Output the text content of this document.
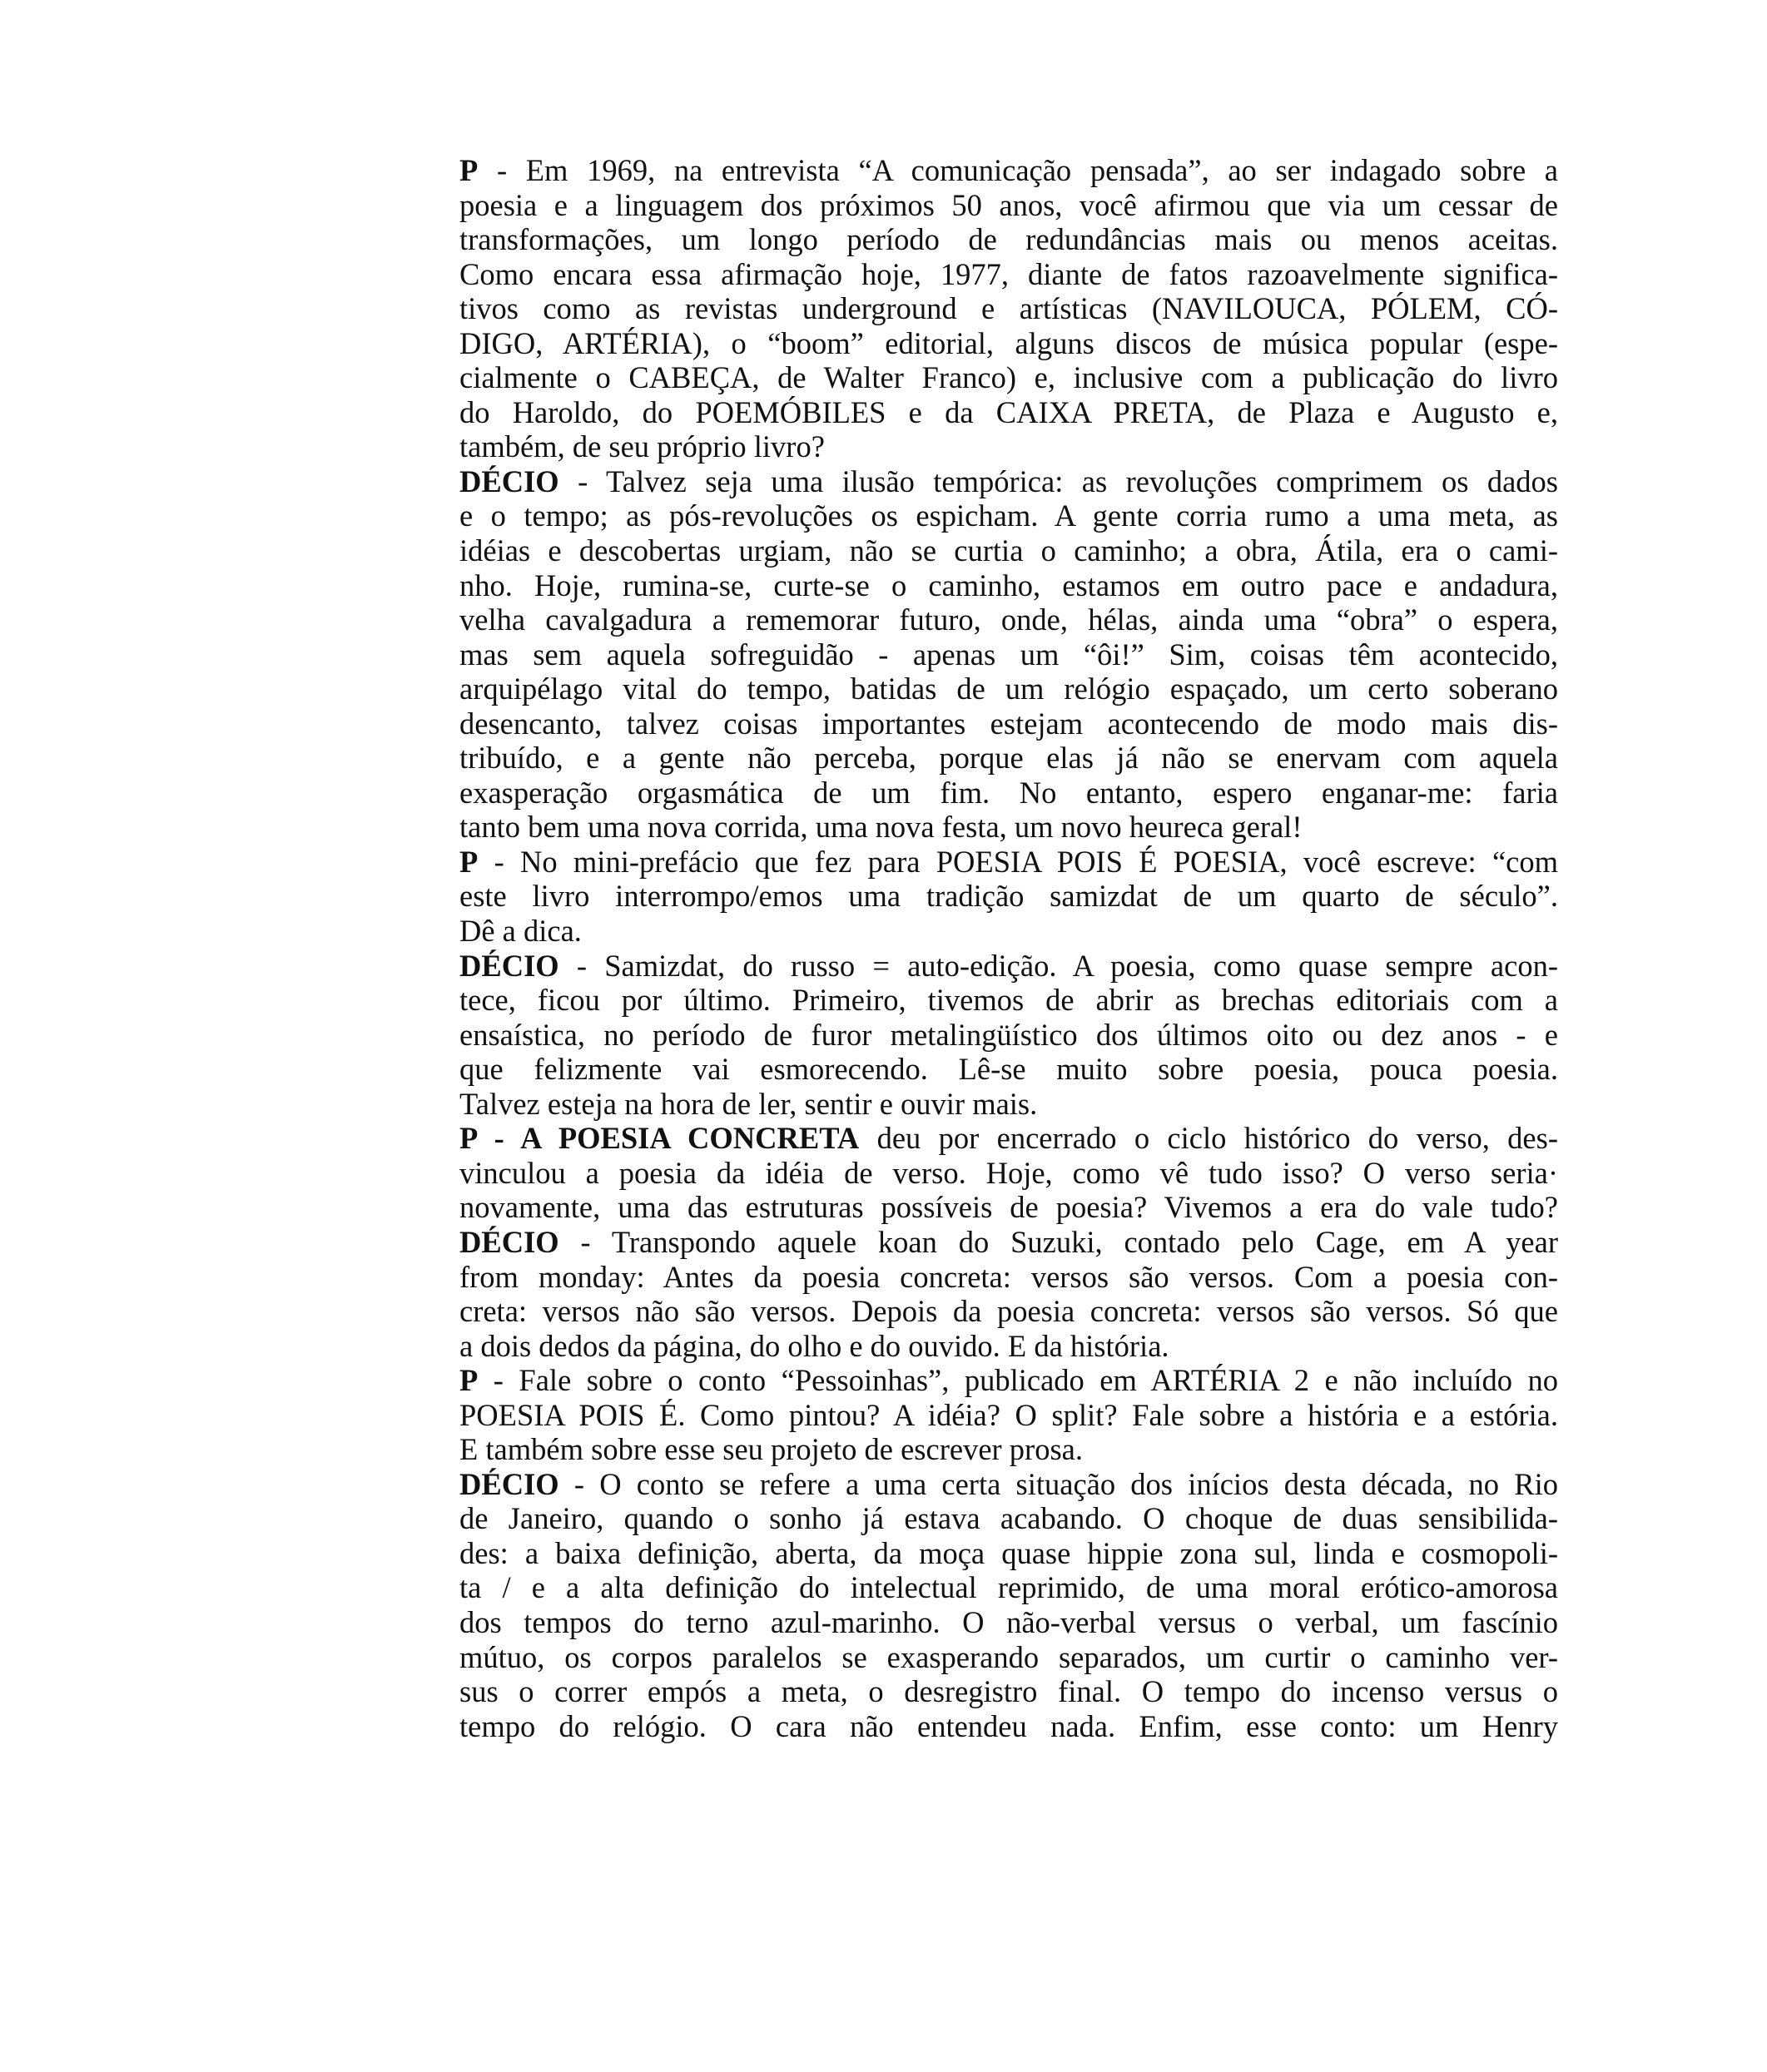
P - Em 1969, na entrevista “A comunicação pensada”, ao ser indagado sobre a
poesia e a linguagem dos próximos 50 anos, você afirmou que via um cessar de
transformações, um longo período de redundâncias mais ou menos aceitas.
Como encara essa afirmação hoje, 1977, diante de fatos razoavelmente significa-
tivos como as revistas underground e artísticas (NAVILOUCA, PÓLEM, CÓ-
DIGO, ARTÉRIA), o “boom” editorial, alguns discos de música popular (espe-
cialmente o CABEÇA, de Walter Franco) e, inclusive com a publicação do livro
do Haroldo, do POEMÓBILES e da CAIXA PRETA, de Plaza e Augusto e,
também, de seu próprio livro?
DÉCIO - Talvez seja uma ilusão tempórica: as revoluções comprimem os dados
e o tempo; as pós-revoluções os espicham. A gente corria rumo a uma meta, as
idéias e descobertas urgiam, não se curtia o caminho; a obra, Átila, era o cami-
nho. Hoje, rumina-se, curte-se o caminho, estamos em outro pace e andadura,
velha cavalgadura a rememorar futuro, onde, hélas, ainda uma “obra” o espera,
mas sem aquela sofreguidão - apenas um “ôi!” Sim, coisas têm acontecido,
arquipélago vital do tempo, batidas de um relógio espaçado, um certo soberano
desencanto, talvez coisas importantes estejam acontecendo de modo mais dis-
tribuído, e a gente não perceba, porque elas já não se enervam com aquela
exasperação orgasmática de um fim. No entanto, espero enganar-me: faria
tanto bem uma nova corrida, uma nova festa, um novo heureca geral!
P - No mini-prefácio que fez para POESIA POIS É POESIA, você escreve: “com
este livro interrompo/emos uma tradição samizdat de um quarto de século”.
Dê a dica.
DÉCIO - Samizdat, do russo = auto-edição. A poesia, como quase sempre acon-
tece, ficou por último. Primeiro, tivemos de abrir as brechas editoriais com a
ensaística, no período de furor metalingüístico dos últimos oito ou dez anos - e
que felizmente vai esmorecendo. Lê-se muito sobre poesia, pouca poesia.
Talvez esteja na hora de ler, sentir e ouvir mais.
P - A POESIA CONCRETA deu por encerrado o ciclo histórico do verso, des-
vinculou a poesia da idéia de verso. Hoje, como vê tudo isso? O verso seria·
novamente, uma das estruturas possíveis de poesia? Vivemos a era do vale tudo?
DÉCIO - Transpondo aquele koan do Suzuki, contado pelo Cage, em A year
from monday: Antes da poesia concreta: versos são versos. Com a poesia con-
creta: versos não são versos. Depois da poesia concreta: versos são versos. Só que
a dois dedos da página, do olho e do ouvido. E da história.
P - Fale sobre o conto “Pessoinhas”, publicado em ARTÉRIA 2 e não incluído no
POESIA POIS É. Como pintou? A idéia? O split? Fale sobre a história e a estória.
E também sobre esse seu projeto de escrever prosa.
DÉCIO - O conto se refere a uma certa situação dos inícios desta década, no Rio
de Janeiro, quando o sonho já estava acabando. O choque de duas sensibilida-
des: a baixa definição, aberta, da moça quase hippie zona sul, linda e cosmopoli-
ta / e a alta definição do intelectual reprimido, de uma moral erótico-amorosa
dos tempos do terno azul-marinho. O não-verbal versus o verbal, um fascínio
mútuo, os corpos paralelos se exasperando separados, um curtir o caminho ver-
sus o correr empós a meta, o desregistro final. O tempo do incenso versus o
tempo do relógio. O cara não entendeu nada. Enfim, esse conto: um Henry
